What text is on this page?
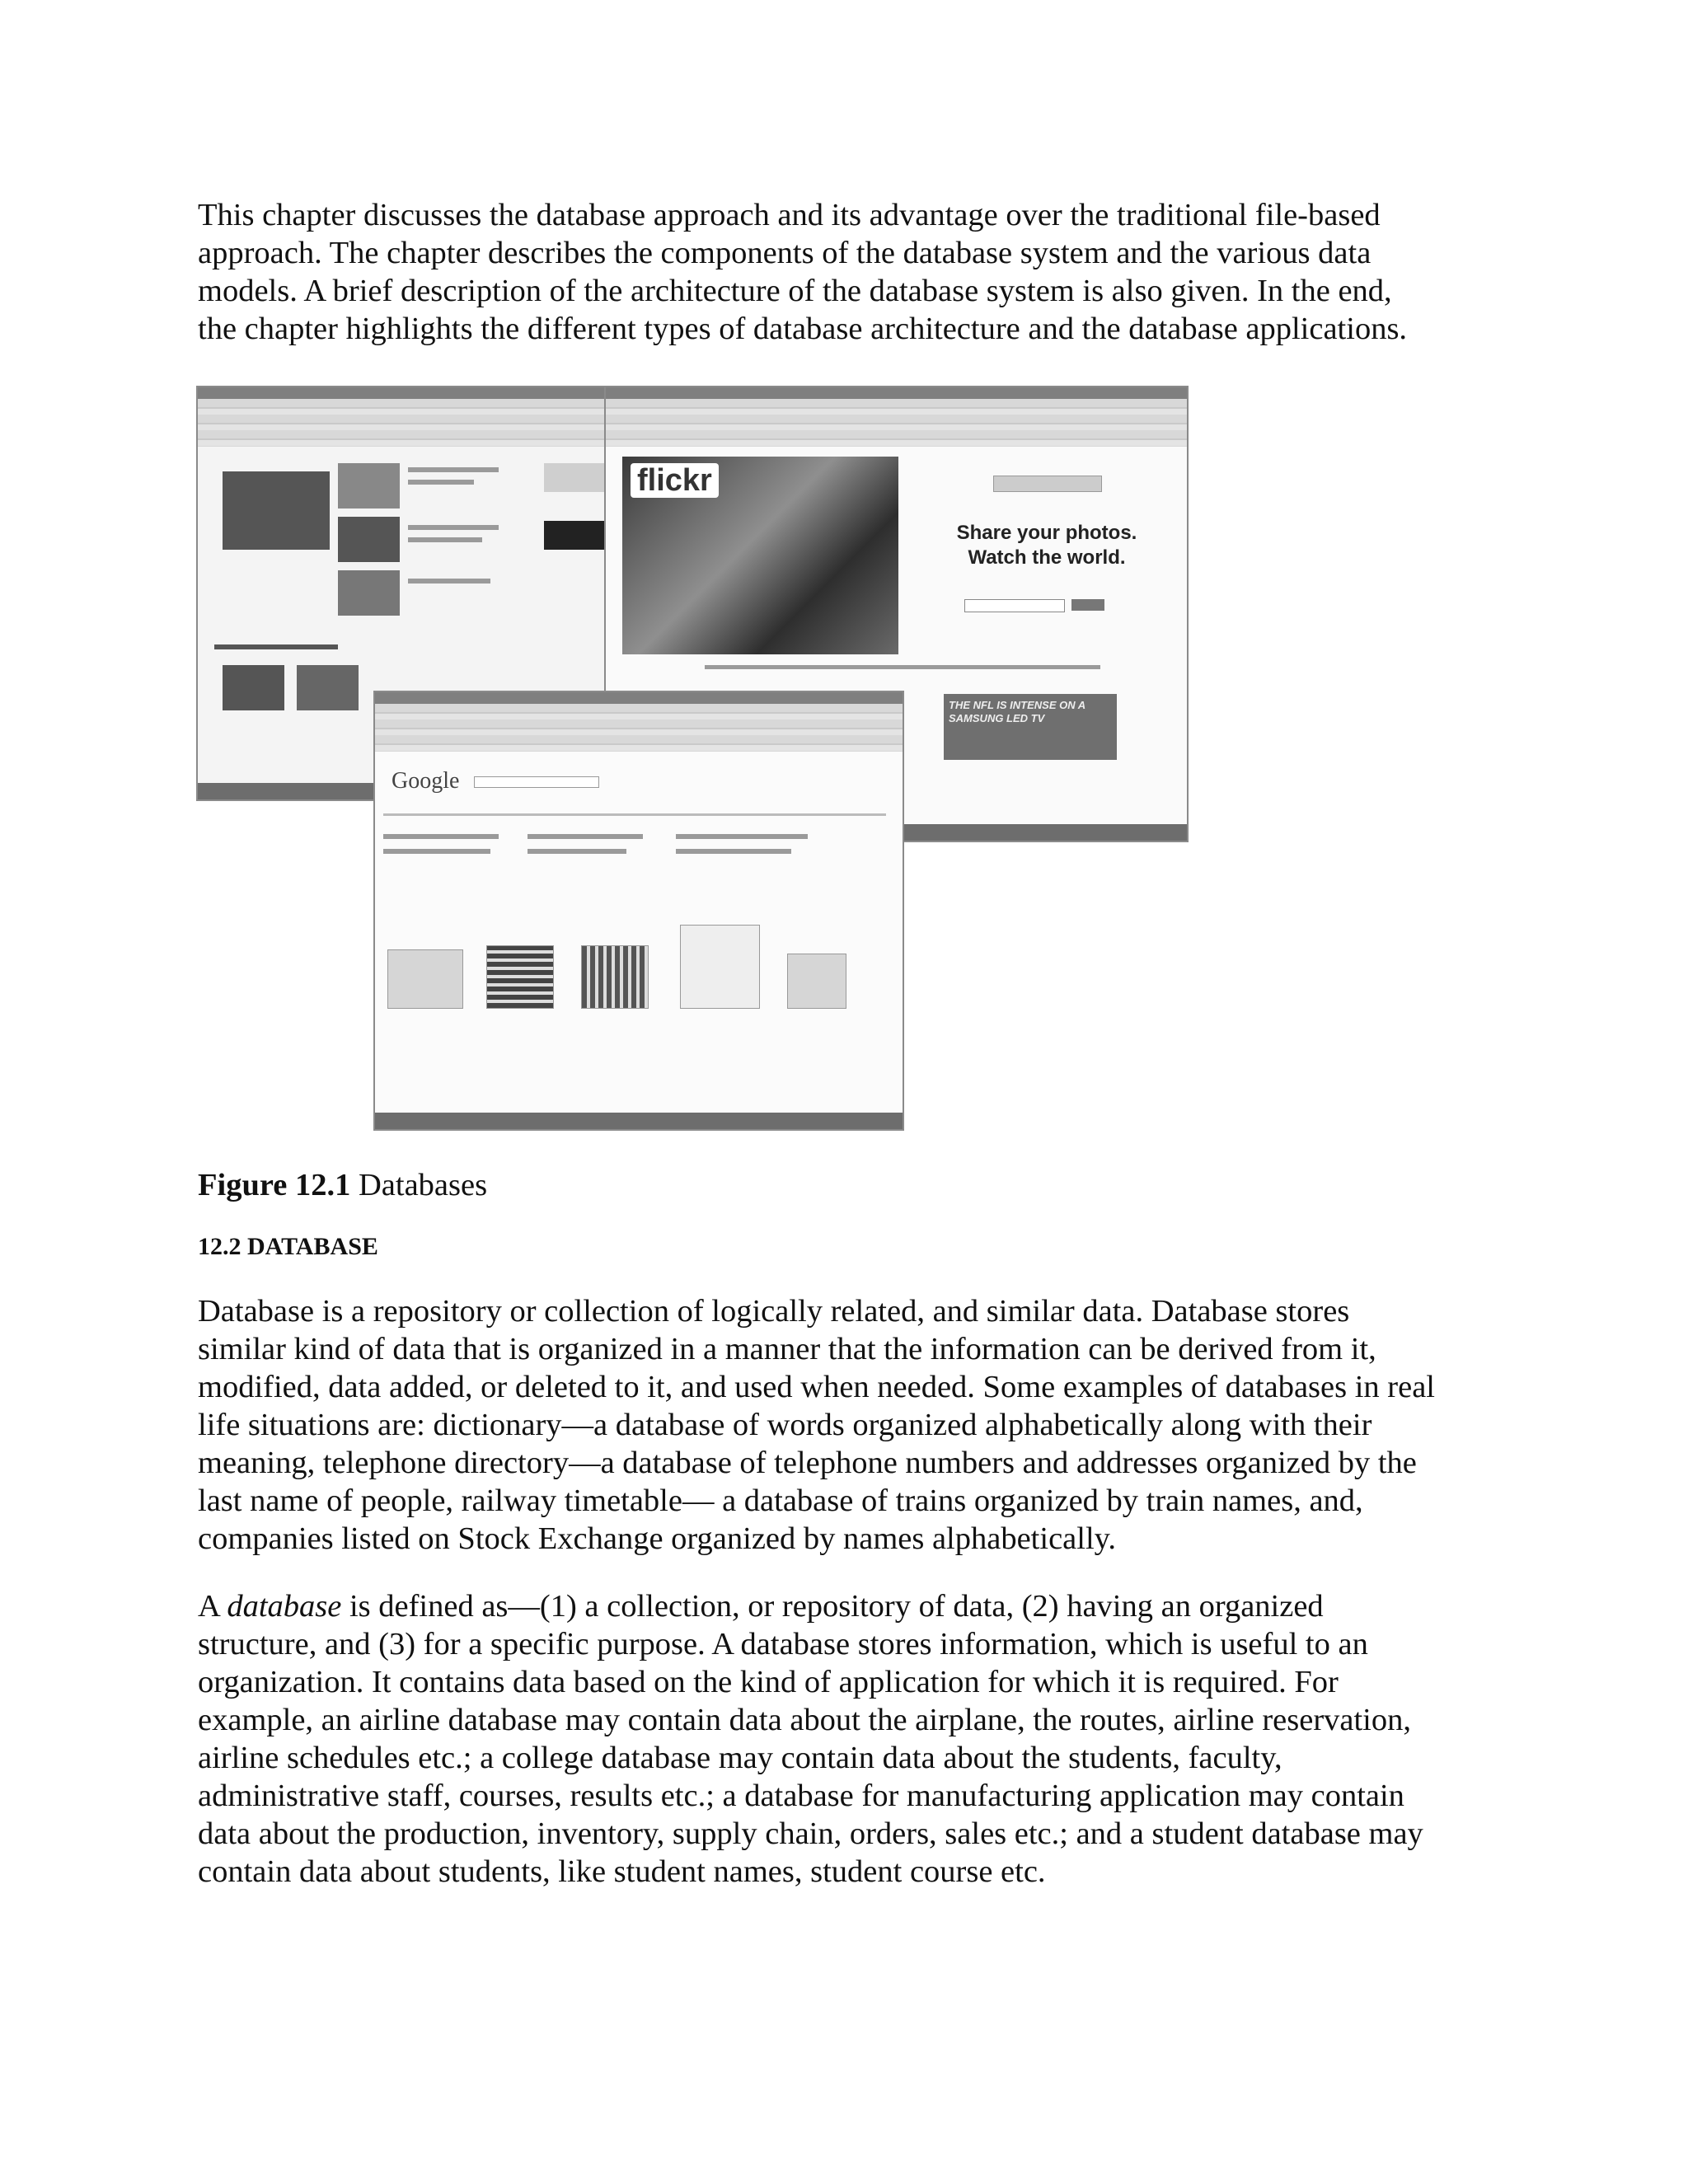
This chapter discusses the database approach and its advantage over the traditional file-based
approach. The chapter describes the components of the database system and the various data
models. A brief description of the architecture of the database system is also given. In the end,
the chapter highlights the different types of database architecture and the database applications.
flickr
Share your photos. Watch the world.
THE NFL IS INTENSE ON A SAMSUNG LED TV
Google
Figure 12.1 Databases
12.2 DATABASE
Database is a repository or collection of logically related, and similar data. Database stores
similar kind of data that is organized in a manner that the information can be derived from it,
modified, data added, or deleted to it, and used when needed. Some examples of databases in real
life situations are: dictionary—a database of words organized alphabetically along with their
meaning, telephone directory—a database of telephone numbers and addresses organized by the
last name of people, railway timetable— a database of trains organized by train names, and,
companies listed on Stock Exchange organized by names alphabetically.
A database is defined as—(1) a collection, or repository of data, (2) having an organized
structure, and (3) for a specific purpose. A database stores information, which is useful to an
organization. It contains data based on the kind of application for which it is required. For
example, an airline database may contain data about the airplane, the routes, airline reservation,
airline schedules etc.; a college database may contain data about the students, faculty,
administrative staff, courses, results etc.; a database for manufacturing application may contain
data about the production, inventory, supply chain, orders, sales etc.; and a student database may
contain data about students, like student names, student course etc.
